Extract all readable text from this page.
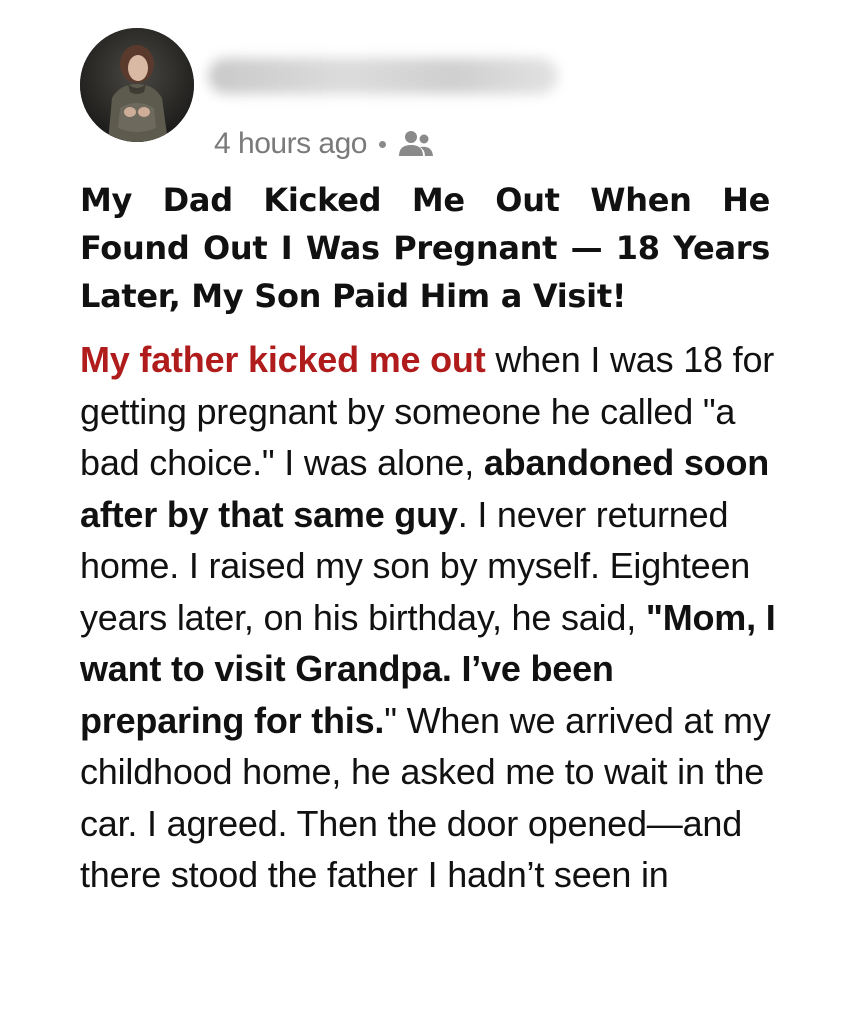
4 hours ago
My Dad Kicked Me Out When He Found Out I Was Pregnant — 18 Years Later, My Son Paid Him a Visit!

My father kicked me out when I was 18 for getting pregnant by someone he called "a bad choice." I was alone, abandoned soon after by that same guy. I never returned home. I raised my son by myself. Eighteen years later, on his birthday, he said, "Mom, I want to visit Grandpa. I’ve been preparing for this." When we arrived at my childhood home, he asked me to wait in the car. I agreed. Then the door opened—and there stood the father I hadn’t seen in
